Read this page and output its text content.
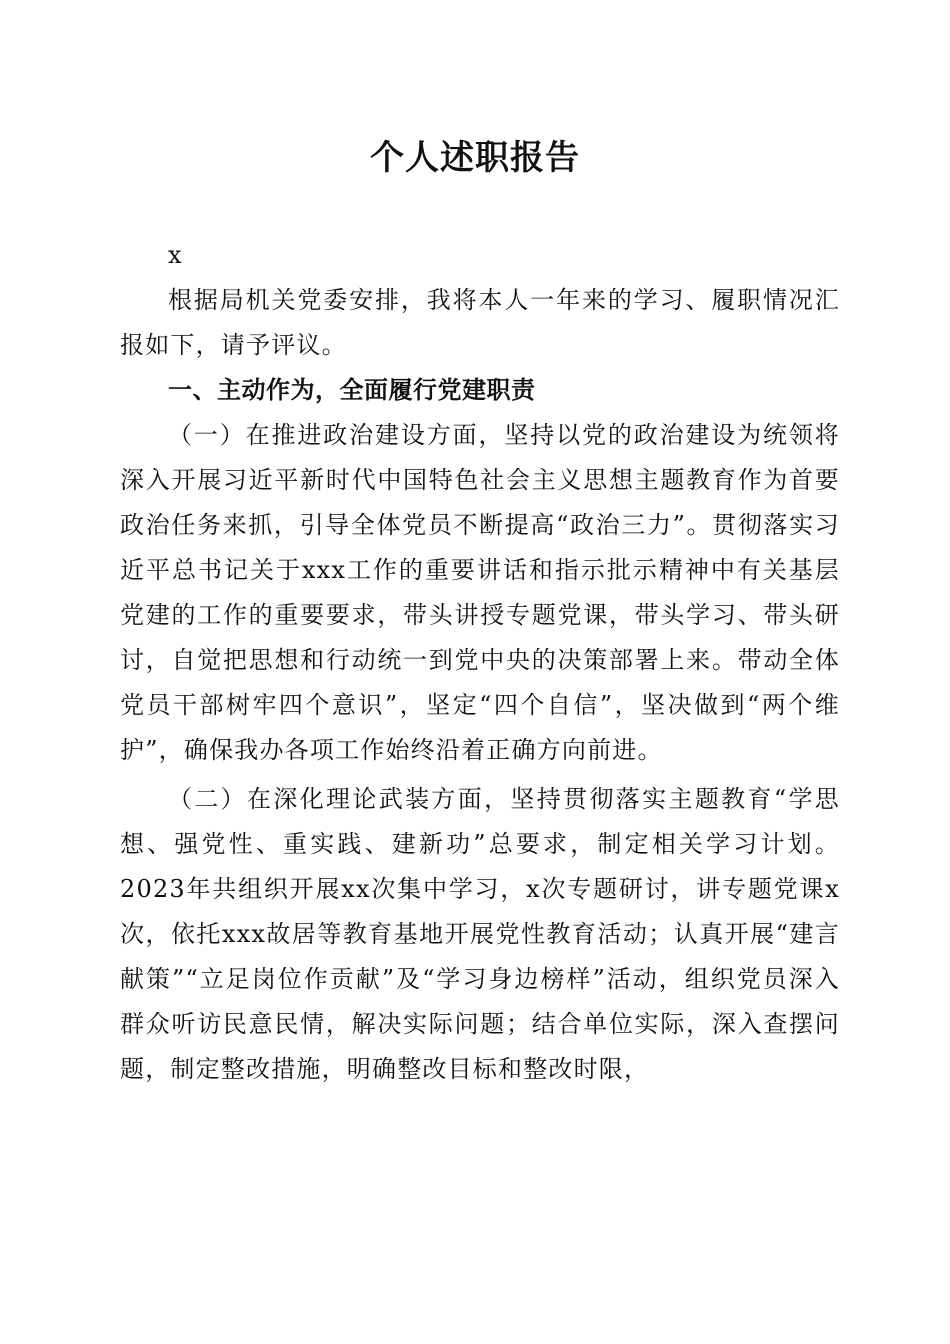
个人述职报告

x

根据局机关党委安排，我将本人一年来的学习、履职情况汇报如下，请予评议。

一、主动作为，全面履行党建职责

（一）在推进政治建设方面，坚持以党的政治建设为统领将深入开展习近平新时代中国特色社会主义思想主题教育作为首要政治任务来抓，引导全体党员不断提高“政治三力”。贯彻落实习近平总书记关于xxx工作的重要讲话和指示批示精神中有关基层党建的工作的重要要求，带头讲授专题党课，带头学习、带头研讨，自觉把思想和行动统一到党中央的决策部署上来。带动全体党员干部树牢四个意识”，坚定“四个自信”，坚决做到“两个维护”，确保我办各项工作始终沿着正确方向前进。

（二）在深化理论武装方面，坚持贯彻落实主题教育“学思想、强党性、重实践、建新功”总要求，制定相关学习计划。2023年共组织开展xx次集中学习，x次专题研讨，讲专题党课x次，依托xxx故居等教育基地开展党性教育活动；认真开展“建言献策”“立足岗位作贡献”及“学习身边榜样”活动，组织党员深入群众听访民意民情，解决实际问题；结合单位实际，深入查摆问题，制定整改措施，明确整改目标和整改时限，
